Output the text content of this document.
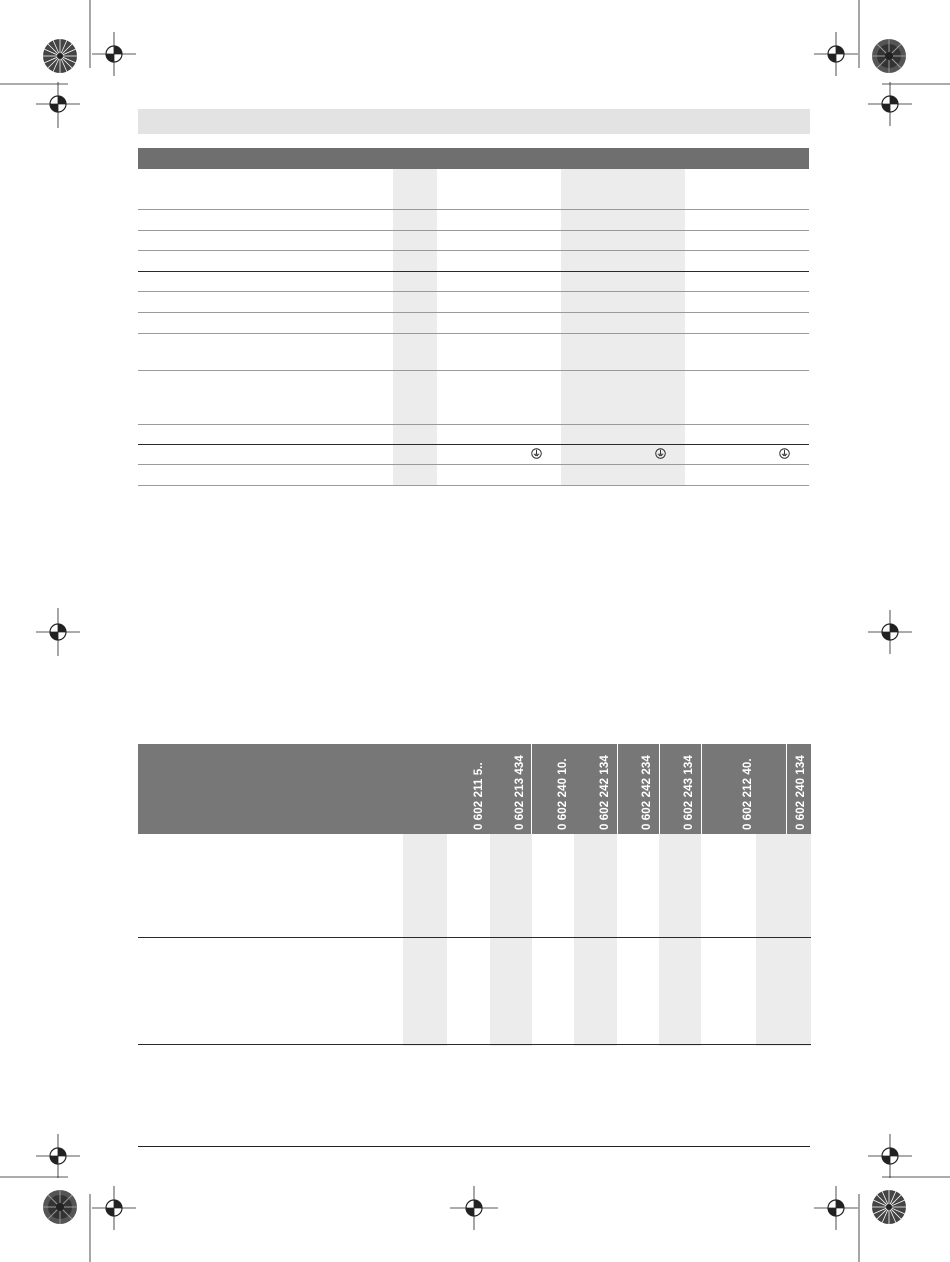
0 602 211 5..	0 602 213 434	0 602 240 10.	0 602 242 134	0 602 242 234	0 602 243 134	0 602 212 40.	0 602 240 134
